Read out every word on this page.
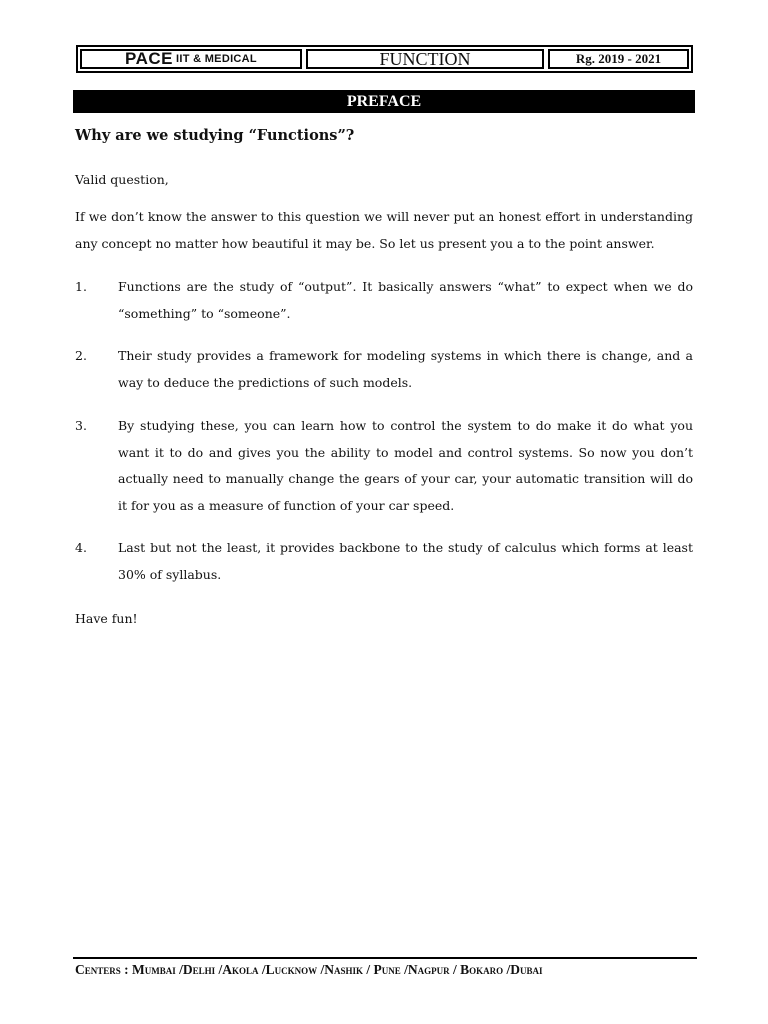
PACE IIT & MEDICAL	FUNCTION	Rg. 2019 - 2021
PREFACE
Why are we studying “Functions”?

Valid question,

If we don’t know the answer to this question we will never put an honest effort in understanding any concept no matter how beautiful it may be. So let us present you a to the point answer.

1. Functions are the study of “output”. It basically answers “what” to expect when we do “something” to “someone”.
2. Their study provides a framework for modeling systems in which there is change, and a way to deduce the predictions of such models.
3. By studying these, you can learn how to control the system to do make it do what you want it to do and gives you the ability to model and control systems. So now you don’t actually need to manually change the gears of your car, your automatic transition will do it for you as a measure of function of your car speed.
4. Last but not the least, it provides backbone to the study of calculus which forms at least 30% of syllabus.

Have fun!

Centers : Mumbai /Delhi /Akola /Lucknow /Nashik / Pune /Nagpur / Bokaro /Dubai
